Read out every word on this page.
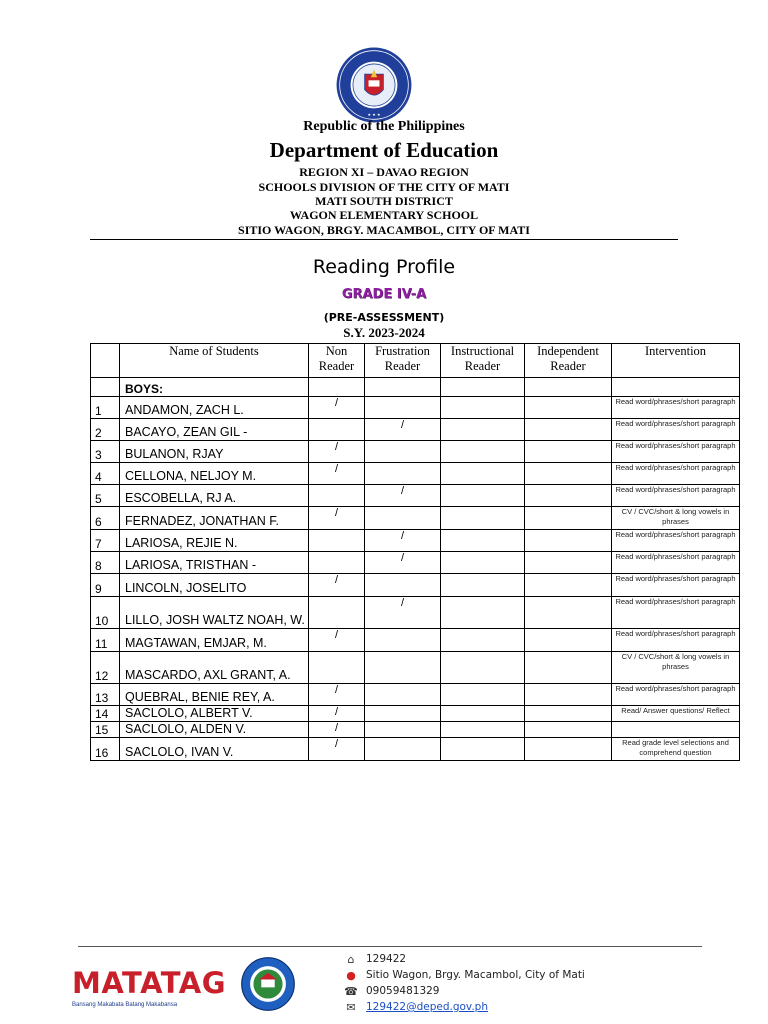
★ ★ ★
Republic of the Philippines
Department of Education
REGION XI – DAVAO REGION
SCHOOLS DIVISION OF THE CITY OF MATI
MATI SOUTH DISTRICT
WAGON ELEMENTARY SCHOOL
SITIO WAGON, BRGY. MACAMBOL, CITY OF MATI
Reading Profile
GRADE IV-A
(PRE-ASSESSMENT)
S.Y. 2023-2024
	Name of Students	Non Reader	Frustration Reader	Instructional Reader	Independent Reader	Intervention
	BOYS:					
1	ANDAMON, ZACH L.	/				Read word/phrases/short paragraph
2	BACAYO, ZEAN GIL -		/			Read word/phrases/short paragraph
3	BULANON, RJAY	/				Read word/phrases/short paragraph
4	CELLONA, NELJOY M.	/				Read word/phrases/short paragraph
5	ESCOBELLA, RJ A.		/			Read word/phrases/short paragraph
6	FERNADEZ, JONATHAN F.	/				CV / CVC/short & long vowels in phrases
7	LARIOSA, REJIE N.		/			Read word/phrases/short paragraph
8	LARIOSA, TRISTHAN -		/			Read word/phrases/short paragraph
9	LINCOLN, JOSELITO	/				Read word/phrases/short paragraph
10	LILLO, JOSH WALTZ NOAH, W.		/			Read word/phrases/short paragraph
11	MAGTAWAN, EMJAR, M.	/				Read word/phrases/short paragraph
12	MASCARDO, AXL GRANT, A.					CV / CVC/short & long vowels in phrases
13	QUEBRAL, BENIE REY, A.	/				Read word/phrases/short paragraph
14	SACLOLO, ALBERT V.	/				Read/ Answer questions/ Reflect
15	SACLOLO, ALDEN V.	/				
16	SACLOLO, IVAN V.	/				Read grade level selections and comprehend question
MATATAG
Bansang Makabata Batang Makabansa
⌂	129422
● Sitio Wagon, Brgy. Macambol, City of Mati
☎ 09059481329
✉ 129422@deped.gov.ph
